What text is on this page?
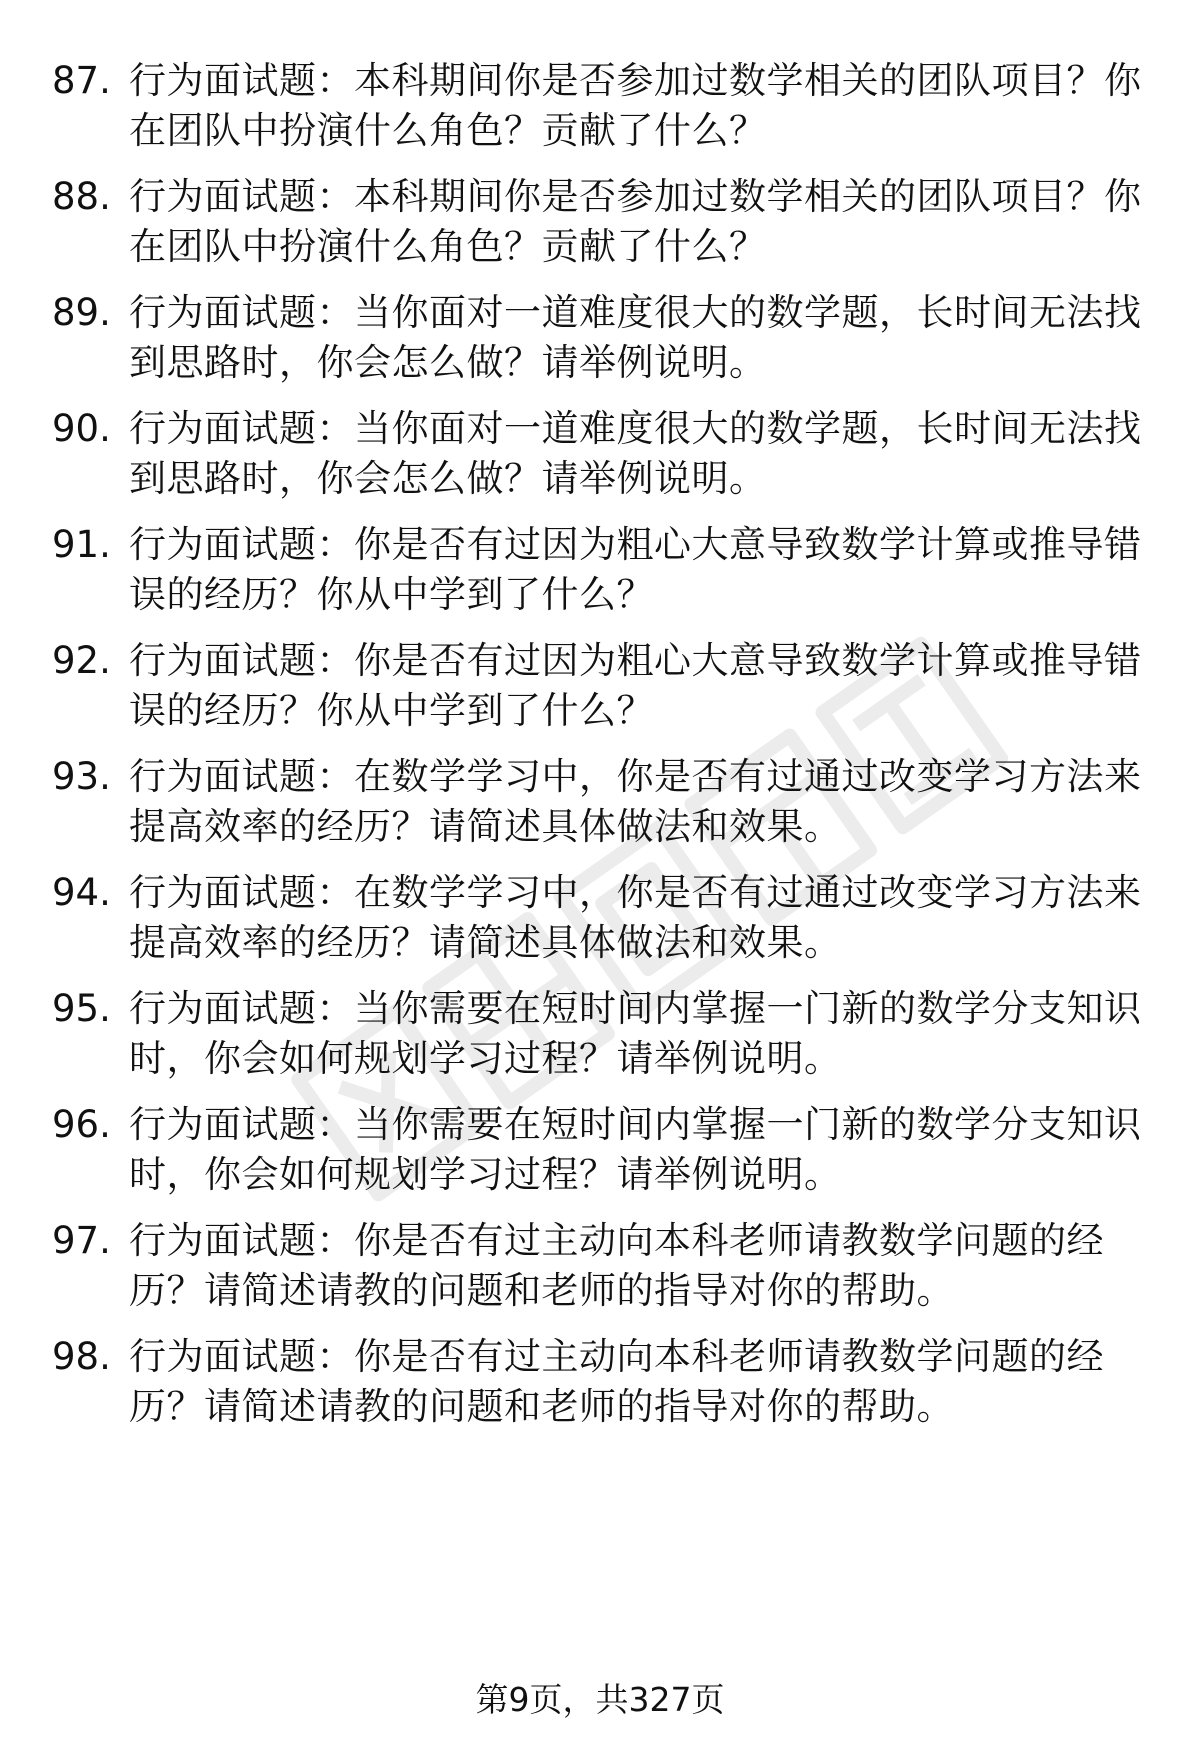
87. 行为面试题：本科期间你是否参加过数学相关的团队项目？你在团队中扮演什么角色？贡献了什么？
88. 行为面试题：本科期间你是否参加过数学相关的团队项目？你在团队中扮演什么角色？贡献了什么？
89. 行为面试题：当你面对一道难度很大的数学题，长时间无法找到思路时，你会怎么做？请举例说明。
90. 行为面试题：当你面对一道难度很大的数学题，长时间无法找到思路时，你会怎么做？请举例说明。
91. 行为面试题：你是否有过因为粗心大意导致数学计算或推导错误的经历？你从中学到了什么？
92. 行为面试题：你是否有过因为粗心大意导致数学计算或推导错误的经历？你从中学到了什么？
93. 行为面试题：在数学学习中，你是否有过通过改变学习方法来提高效率的经历？请简述具体做法和效果。
94. 行为面试题：在数学学习中，你是否有过通过改变学习方法来提高效率的经历？请简述具体做法和效果。
95. 行为面试题：当你需要在短时间内掌握一门新的数学分支知识时，你会如何规划学习过程？请举例说明。
96. 行为面试题：当你需要在短时间内掌握一门新的数学分支知识时，你会如何规划学习过程？请举例说明。
97. 行为面试题：你是否有过主动向本科老师请教数学问题的经历？请简述请教的问题和老师的指导对你的帮助。
98. 行为面试题：你是否有过主动向本科老师请教数学问题的经历？请简述请教的问题和老师的指导对你的帮助。
第9页，共327页
